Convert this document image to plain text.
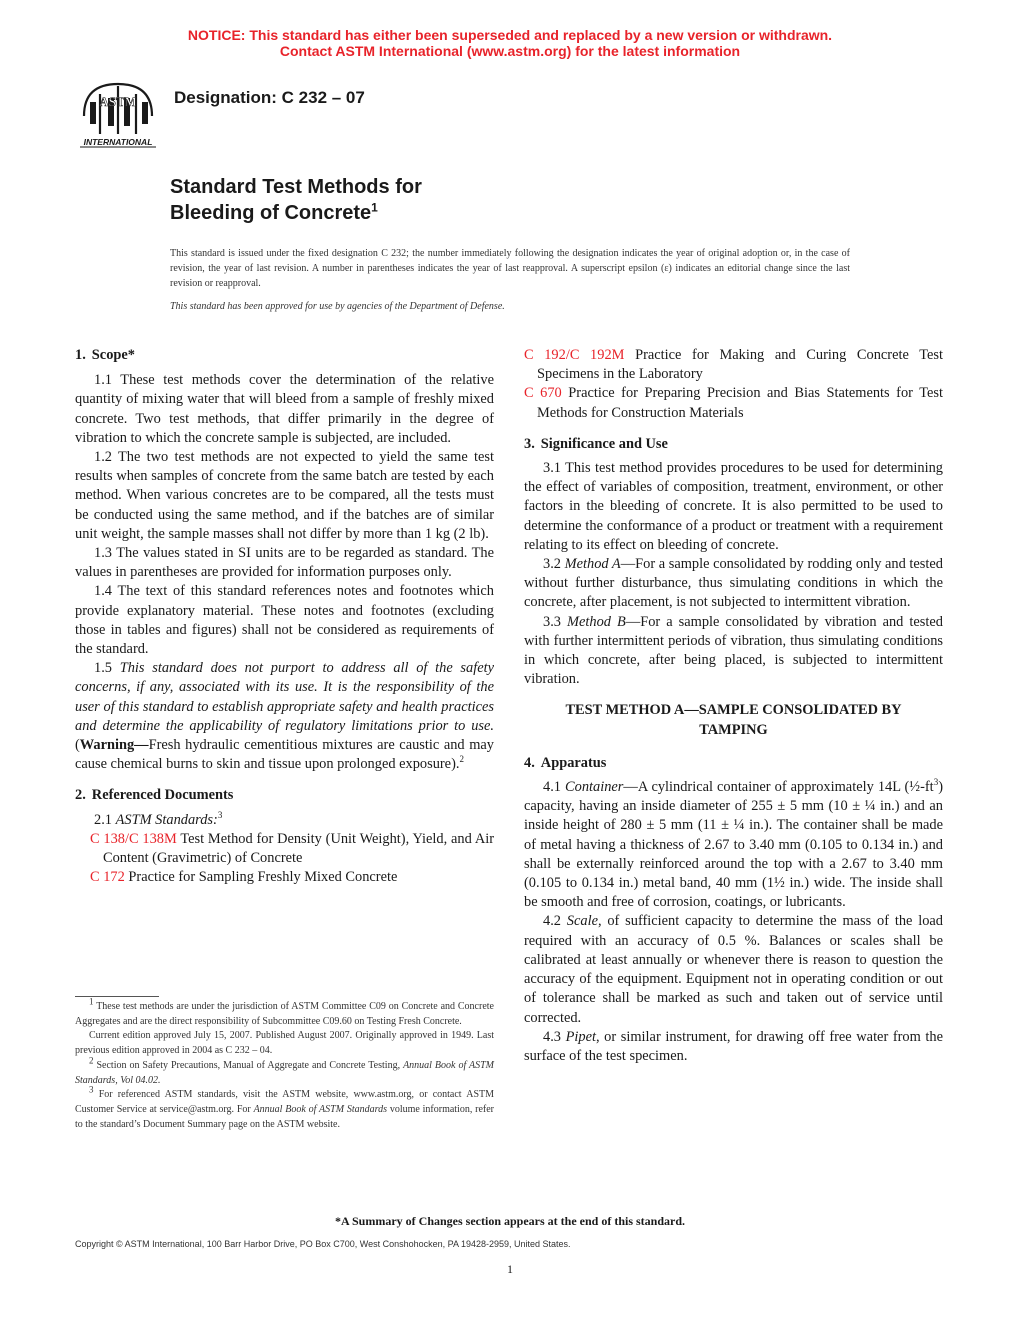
NOTICE: This standard has either been superseded and replaced by a new version or withdrawn.
Contact ASTM International (www.astm.org) for the latest information
ASTM
INTERNATIONAL
Designation: C 232 – 07
Standard Test Methods for
Bleeding of Concrete$^1$
This standard is issued under the fixed designation C 232; the number immediately following the designation indicates the year of original adoption or, in the case of revision, the year of last revision. A number in parentheses indicates the year of last reapproval. A superscript epsilon (ε) indicates an editorial change since the last revision or reapproval.
This standard has been approved for use by agencies of the Department of Defense.
1. Scope*

1.1 These test methods cover the determination of the relative quantity of mixing water that will bleed from a sample of freshly mixed concrete. Two test methods, that differ primarily in the degree of vibration to which the concrete sample is subjected, are included.

1.2 The two test methods are not expected to yield the same test results when samples of concrete from the same batch are tested by each method. When various concretes are to be compared, all the tests must be conducted using the same method, and if the batches are of similar unit weight, the sample masses shall not differ by more than 1 kg (2 lb).

1.3 The values stated in SI units are to be regarded as standard. The values in parentheses are provided for information purposes only.

1.4 The text of this standard references notes and footnotes which provide explanatory material. These notes and footnotes (excluding those in tables and figures) shall not be considered as requirements of the standard.

1.5 This standard does not purport to address all of the safety concerns, if any, associated with its use. It is the responsibility of the user of this standard to establish appropriate safety and health practices and determine the applicability of regulatory limitations prior to use. (Warning—Fresh hydraulic cementitious mixtures are caustic and may cause chemical burns to skin and tissue upon prolonged exposure).$^2$

2. Referenced Documents

2.1 ASTM Standards:$^3$

C 138/C 138M Test Method for Density (Unit Weight), Yield, and Air Content (Gravimetric) of Concrete

C 172 Practice for Sampling Freshly Mixed Concrete

$^1$ These test methods are under the jurisdiction of ASTM Committee C09 on Concrete and Concrete Aggregates and are the direct responsibility of Subcommittee C09.60 on Testing Fresh Concrete.

Current edition approved July 15, 2007. Published August 2007. Originally approved in 1949. Last previous edition approved in 2004 as C 232 – 04.

$^2$ Section on Safety Precautions, Manual of Aggregate and Concrete Testing, Annual Book of ASTM Standards, Vol 04.02.

$^3$ For referenced ASTM standards, visit the ASTM website, www.astm.org, or contact ASTM Customer Service at service@astm.org. For Annual Book of ASTM Standards volume information, refer to the standard’s Document Summary page on the ASTM website.

C 192/C 192M Practice for Making and Curing Concrete Test Specimens in the Laboratory

C 670 Practice for Preparing Precision and Bias Statements for Test Methods for Construction Materials

3. Significance and Use

3.1 This test method provides procedures to be used for determining the effect of variables of composition, treatment, environment, or other factors in the bleeding of concrete. It is also permitted to be used to determine the conformance of a product or treatment with a requirement relating to its effect on bleeding of concrete.

3.2 Method A—For a sample consolidated by rodding only and tested without further disturbance, thus simulating conditions in which the concrete, after placement, is not subjected to intermittent vibration.

3.3 Method B—For a sample consolidated by vibration and tested with further intermittent periods of vibration, thus simulating conditions in which concrete, after being placed, is subjected to intermittent vibration.

TEST METHOD A—SAMPLE CONSOLIDATED BY TAMPING

4. Apparatus

4.1 Container—A cylindrical container of approximately 14L $(\frac{1}{2}-ft^3)$ capacity, having an inside diameter of 255 ± 5 mm (10 ± ¼ in.) and an inside height of 280 ± 5 mm (11 ± ¼ in.). The container shall be made of metal having a thickness of 2.67 to 3.40 mm (0.105 to 0.134 in.) and shall be externally reinforced around the top with a 2.67 to 3.40 mm (0.105 to 0.134 in.) metal band, 40 mm (1½ in.) wide. The inside shall be smooth and free of corrosion, coatings, or lubricants.

4.2 Scale, of sufficient capacity to determine the mass of the load required with an accuracy of 0.5 %. Balances or scales shall be calibrated at least annually or whenever there is reason to question the accuracy of the equipment. Equipment not in operating condition or out of tolerance shall be marked as such and taken out of service until corrected.

4.3 Pipet, or similar instrument, for drawing off free water from the surface of the test specimen.

*A Summary of Changes section appears at the end of this standard.
Copyright © ASTM International, 100 Barr Harbor Drive, PO Box C700, West Conshohocken, PA 19428-2959, United States.
1
